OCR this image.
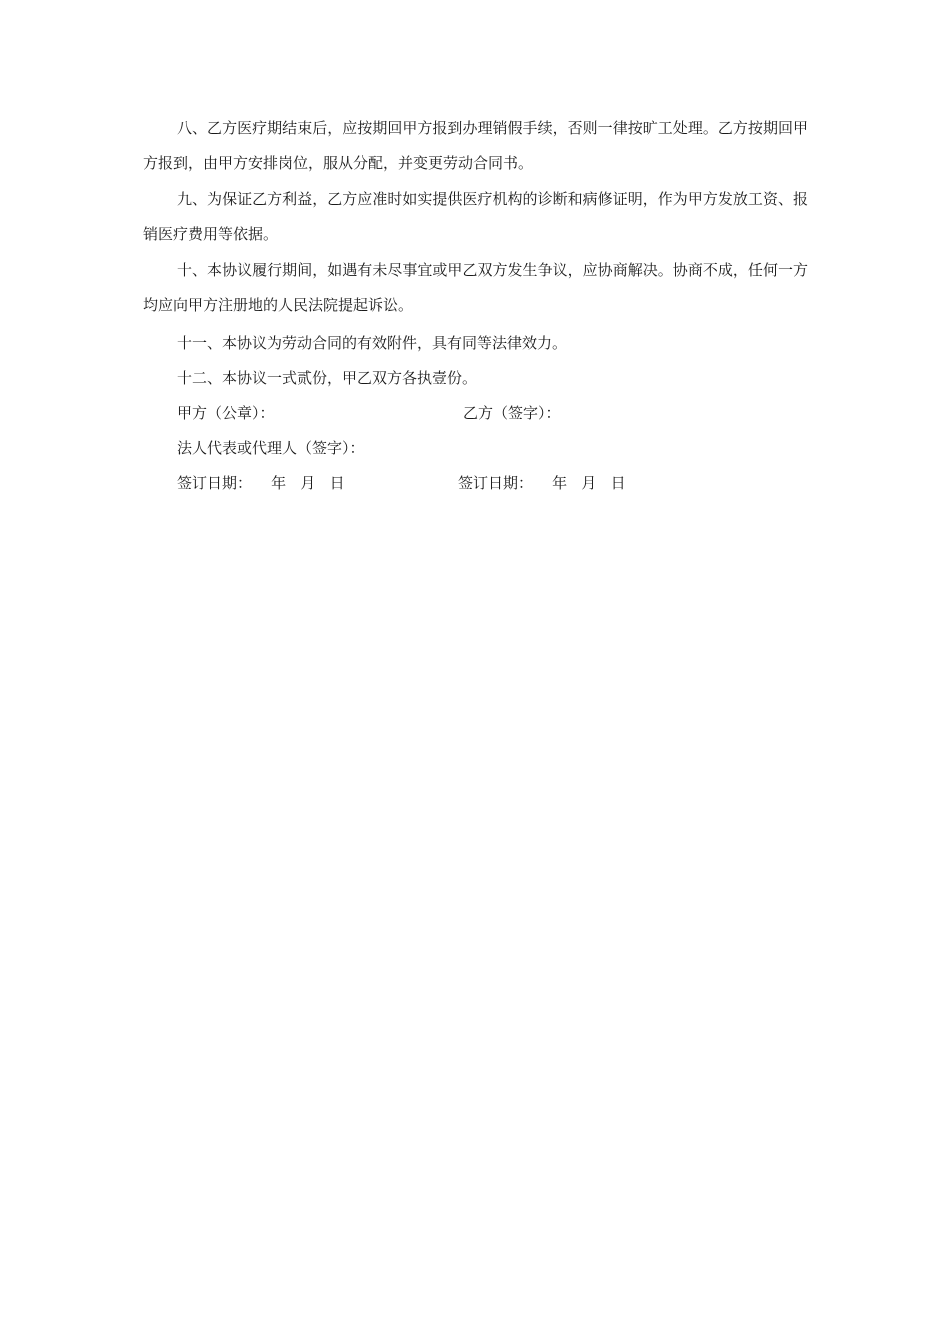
八、乙方医疗期结束后，应按期回甲方报到办理销假手续，否则一律按旷工处理。乙方按期回甲方报到，由甲方安排岗位，服从分配，并变更劳动合同书。

九、为保证乙方利益，乙方应准时如实提供医疗机构的诊断和病修证明，作为甲方发放工资、报销医疗费用等依据。

十、本协议履行期间，如遇有未尽事宜或甲乙双方发生争议，应协商解决。协商不成，任何一方均应向甲方注册地的人民法院提起诉讼。

十一、本协议为劳动合同的有效附件，具有同等法律效力。

十二、本协议一式贰份，甲乙双方各执壹份。

甲方（公章）：	乙方（签字）：

法人代表或代理人（签字）：

签订日期：    年   月   日	签订日期：    年   月   日
